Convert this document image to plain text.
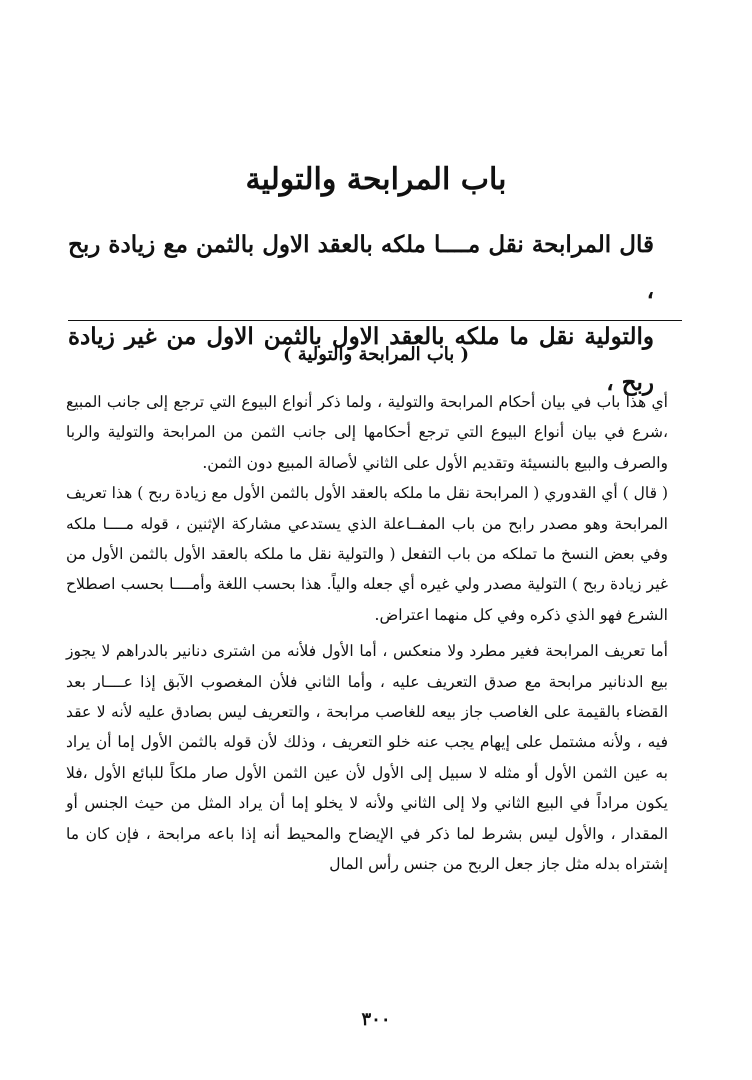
باب المرابحة والتولية

قال المرابحة نقل مــــا ملكه بالعقد الاول بالثمن مع زيادة ربح ،

والتولية نقل ما ملكه بالعقد الاول بالثمن الاول من غير زيادة ربح ،

( باب المرابحة والتولية )

أي هذا باب في بيان أحكام المرابحة والتولية ، ولما ذكر أنواع البيوع التي ترجع إلى جانب المبيع ،شرع في بيان أنواع البيوع التي ترجع أحكامها إلى جانب الثمن من المرابحة والتولية والربا والصرف والبيع بالنسيئة وتقديم الأول على الثاني لأصالة المبيع دون الثمن.

( قال ) أي القدوري ( المرابحة نقل ما ملكه بالعقد الأول بالثمن الأول مع زيادة ربح ) هذا تعريف المرابحة وهو مصدر رابح من باب المفــاعلة الذي يستدعي مشاركة الإثنين ، قوله مــــا ملكه وفي بعض النسخ ما تملكه من باب التفعل ( والتولية نقل ما ملكه بالعقد الأول بالثمن الأول من غير زيادة ربح ) التولية مصدر ولي غيره أي جعله والياً. هذا بحسب اللغة وأمــــا بحسب اصطلاح الشرع فهو الذي ذكره وفي كل منهما اعتراض.

أما تعريف المرابحة فغير مطرد ولا منعكس ، أما الأول فلأنه من اشترى دنانير بالدراهم لا يجوز بيع الدنانير مرابحة مع صدق التعريف عليه ، وأما الثاني فلأن المغصوب الآبق إذا عــــار بعد القضاء بالقيمة على الغاصب جاز بيعه للغاصب مرابحة ، والتعريف ليس بصادق عليه لأنه لا عقد فيه ، ولأنه مشتمل على إيهام يجب عنه خلو التعريف ، وذلك لأن قوله بالثمن الأول إما أن يراد به عين الثمن الأول أو مثله لا سبيل إلى الأول لأن عين الثمن الأول صار ملكاً للبائع الأول ،فلا يكون مراداً في البيع الثاني ولا إلى الثاني ولأنه لا يخلو إما أن يراد المثل من حيث الجنس أو المقدار ، والأول ليس بشرط لما ذكر في الإيضاح والمحيط أنه إذا باعه مرابحة ، فإن كان ما إشتراه بدله مثل جاز جعل الربح من جنس رأس المال

٣٠٠
